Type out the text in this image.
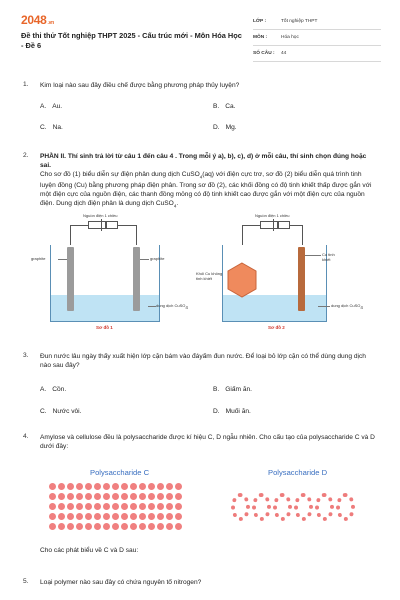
2048.vn
Đề thi thử Tốt nghiệp THPT 2025 - Cấu trúc mới - Môn Hóa Học - Đề 6
LỚP :	Tốt nghiệp THPT
MÔN :	Hóa học
SỐ CÂU :	44
1. Kim loại nào sau đây điều chế được bằng phương pháp thủy luyện?
A. Au.	B. Ca.
C. Na.	D. Mg.
2. PHẦN II. Thí sinh trả lời từ câu 1 đến câu 4 . Trong mỗi ý a), b), c), d) ở mỗi câu, thí sinh chọn đúng hoặc sai.
Cho sơ đồ (1) biểu diễn sự điện phân dung dịch CuSO$_4$(aq) với điện cực trơ, sơ đồ (2) biểu diễn quá trình tinh luyện đồng (Cu) bằng phương pháp điện phân. Trong sơ đồ (2), các khối đồng có độ tinh khiết thấp được gắn với một điện cực của nguồn điện, các thanh đồng mỏng có độ tinh khiết cao được gắn với một điện cực của nguồn điện. Dung dịch điện phân là dung dịch CuSO$_4$.
Nguồn điện 1 chiều
graphite	graphite
dung dịch CuSO4
Sơ đồ 1
Nguồn điện 1 chiều
Khối Cu không tinh khiết
Cu tinh khiết
dung dịch CuSO4
Sơ đồ 2
3. Đun nước lâu ngày thấy xuất hiện lớp cặn bám vào đáyấm đun nước. Để loại bỏ lớp cặn có thể dùng dung dịch nào sau đây?
A. Cồn.	B. Giấm ăn.
C. Nước vôi.	D. Muối ăn.
4. Amylose và cellulose đều là polysaccharide được kí hiệu C, D ngẫu nhiên. Cho cấu tạo của polysaccharide C và D dưới đây:
Polysaccharide C	Polysaccharide D
Cho các phát biểu về C và D sau:
5. Loại polymer nào sau đây có chứa nguyên tố nitrogen?
